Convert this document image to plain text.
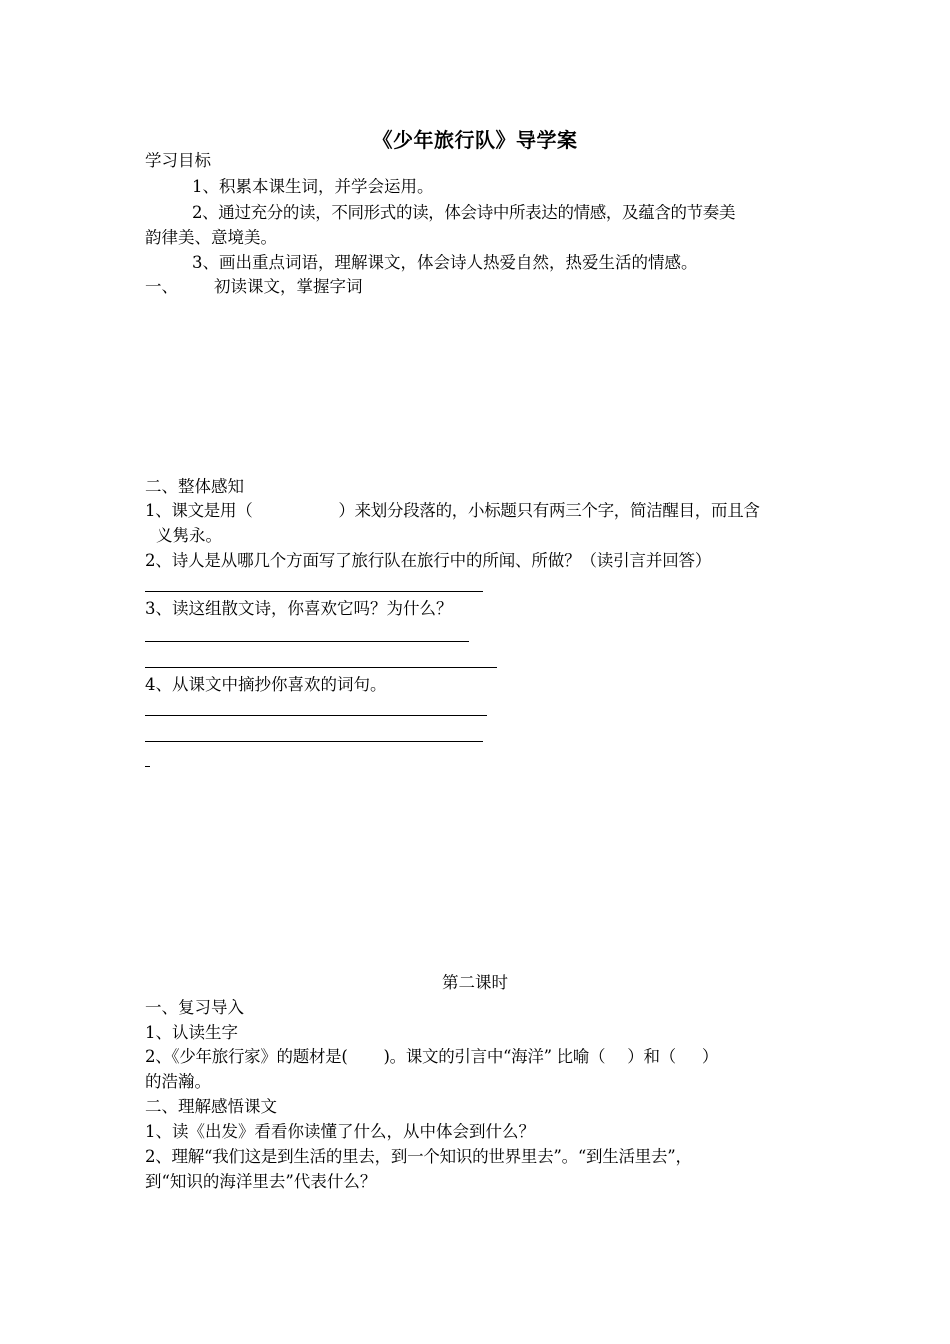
《少年旅行队》导学案
学习目标
1、积累本课生词，并学会运用。
2、通过充分的读，不同形式的读，体会诗中所表达的情感，及蕴含的节奏美
韵律美、意境美。
3、画出重点词语，理解课文，体会诗人热爱自然，热爱生活的情感。
一、 初读课文，掌握字词
二、整体感知
1、课文是用（	）来划分段落的，小标题只有两三个字，简洁醒目，而且含
义隽永。
2、诗人是从哪几个方面写了旅行队在旅行中的所闻、所做？（读引言并回答）
3、读这组散文诗，你喜欢它吗？为什么？
4、从课文中摘抄你喜欢的词句。
第二课时
一、复习导入
1、认读生字
2、《少年旅行家》的题材是( )。课文的引言中“海洋” 比喻（ ）和（ ）
的浩瀚。
二、理解感悟课文
1、读《出发》看看你读懂了什么，从中体会到什么？
2、理解“我们这是到生活的里去，到一个知识的世界里去”。“到生活里去”，
到“知识的海洋里去”代表什么？
